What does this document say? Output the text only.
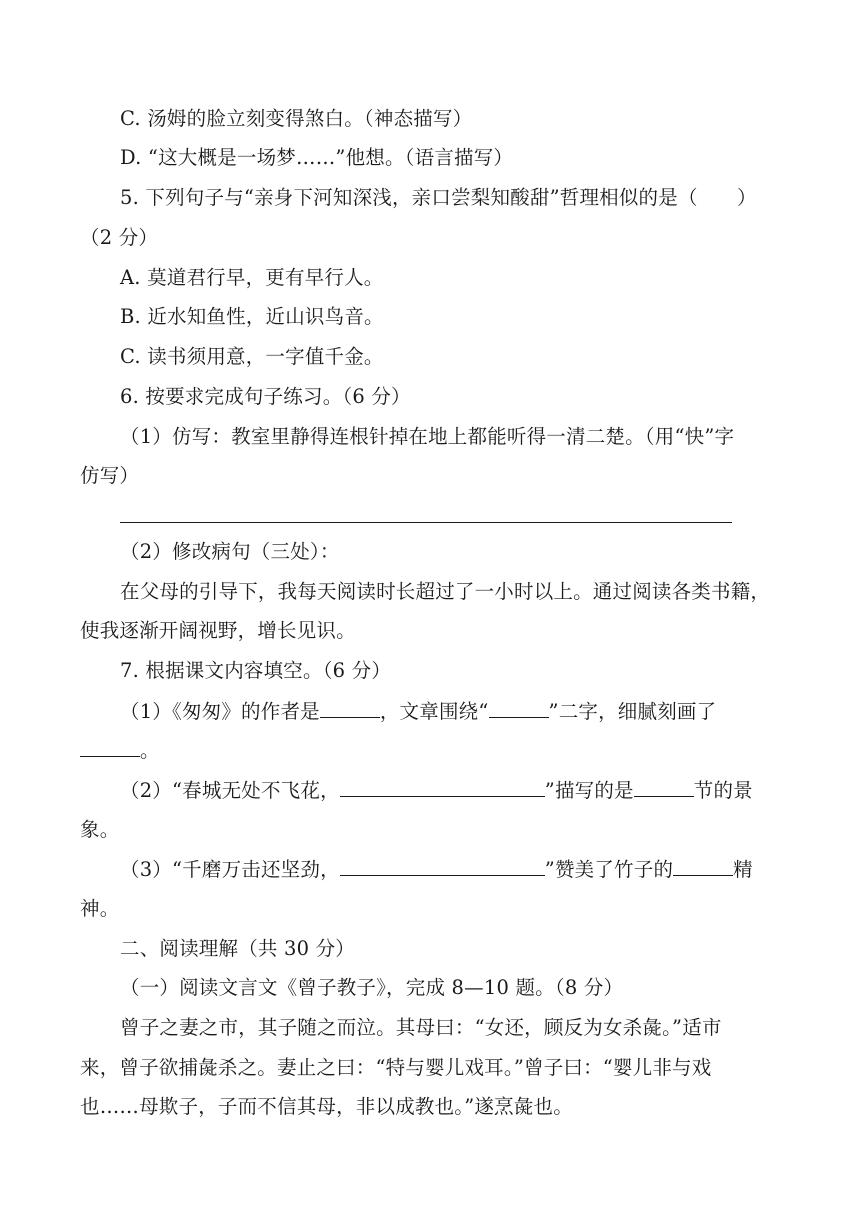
C. 汤姆的脸立刻变得煞白。（神态描写）
D. “这大概是一场梦……”他想。（语言描写）
5. 下列句子与“亲身下河知深浅，亲口尝梨知酸甜”哲理相似的是（　　）
（2 分）
A. 莫道君行早，更有早行人。
B. 近水知鱼性，近山识鸟音。
C. 读书须用意，一字值千金。
6. 按要求完成句子练习。（6 分）
（1）仿写：教室里静得连根针掉在地上都能听得一清二楚。（用“快”字
仿写）
（2）修改病句（三处）：
在父母的引导下，我每天阅读时长超过了一小时以上。通过阅读各类书籍，
使我逐渐开阔视野，增长见识。
7. 根据课文内容填空。（6 分）
（1）《匆匆》的作者是	，文章围绕“	”二字，细腻刻画了
。
（2）“春城无处不飞花，	”描写的是	节的景
象。
（3）“千磨万击还坚劲，	”赞美了竹子的	精
神。
二、阅读理解（共 30 分）
（一）阅读文言文《曾子教子》，完成 8—10 题。（8 分）
曾子之妻之市，其子随之而泣。其母曰：“女还，顾反为女杀彘。”适市
来，曾子欲捕彘杀之。妻止之曰：“特与婴儿戏耳。”曾子曰：“婴儿非与戏
也……母欺子，子而不信其母，非以成教也。”遂烹彘也。
